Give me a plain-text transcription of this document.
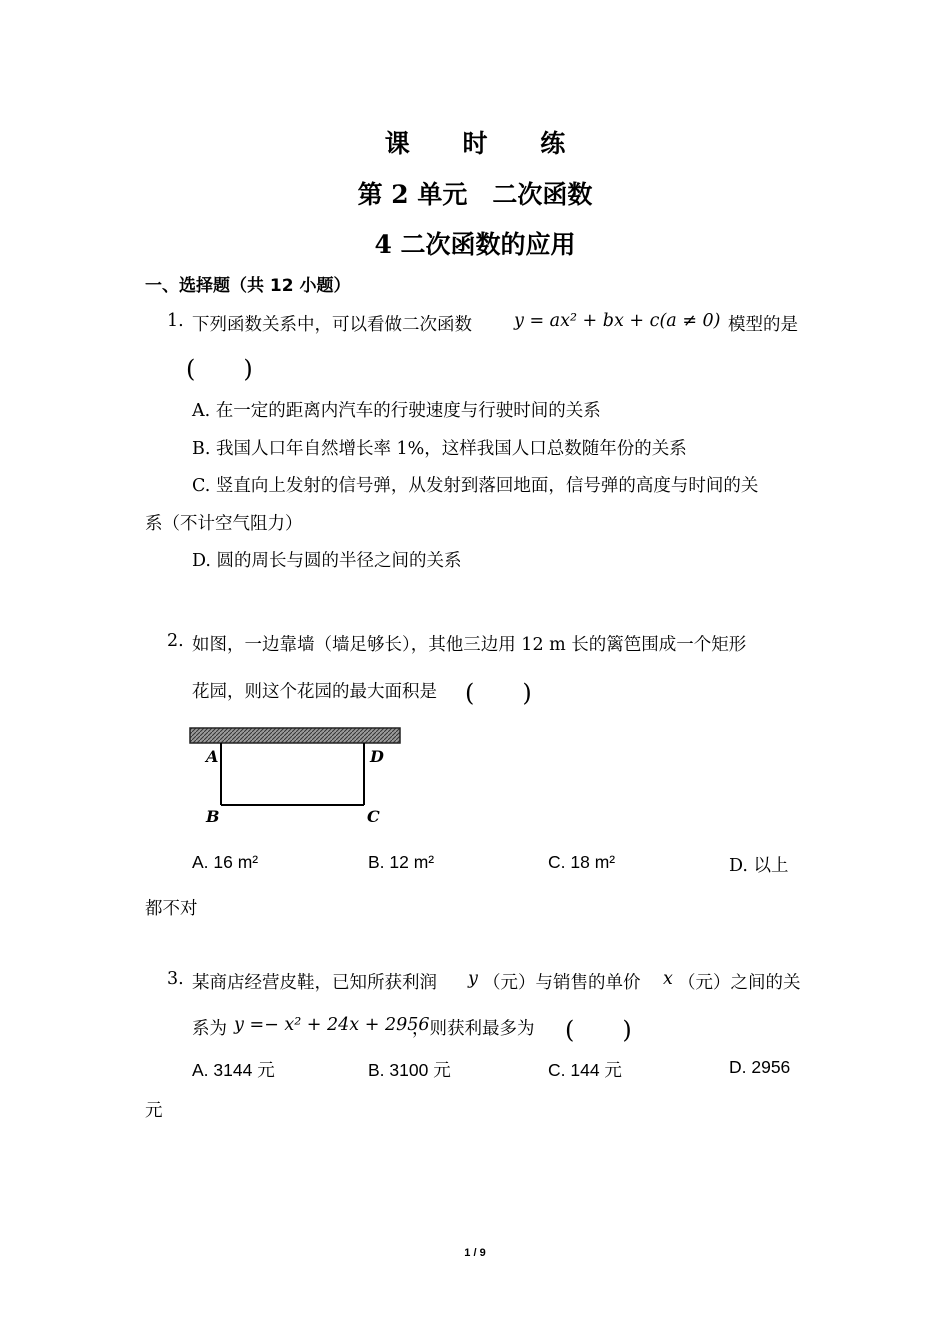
课 时 练
第 2 单元　二次函数
4 二次函数的应用
一、选择题（共 12 小题）
1. 下列函数关系中，可以看做二次函数 y = ax² + bx + c(a ≠ 0) 模型的是
(　　)
A. 在一定的距离内汽车的行驶速度与行驶时间的关系
B. 我国人口年自然增长率 1%，这样我国人口总数随年份的关系
C. 竖直向上发射的信号弹，从发射到落回地面，信号弹的高度与时间的关
系（不计空气阻力）
D. 圆的周长与圆的半径之间的关系
2. 如图，一边靠墙（墙足够长），其他三边用 12 m 长的篱笆围成一个矩形
花园，则这个花园的最大面积是 (　　)
A	D
B	C
A. 16 m²	B. 12 m²	C. 18 m²	D. 以上
都不对
3. 某商店经营皮鞋，已知所获利润 y （元）与销售的单价 x （元）之间的关
系为 y =− x² + 24x + 2956
，则获利最多为 (　　)
A. 3144 元	B. 3100 元	C. 144 元	D. 2956
元
1 / 9
